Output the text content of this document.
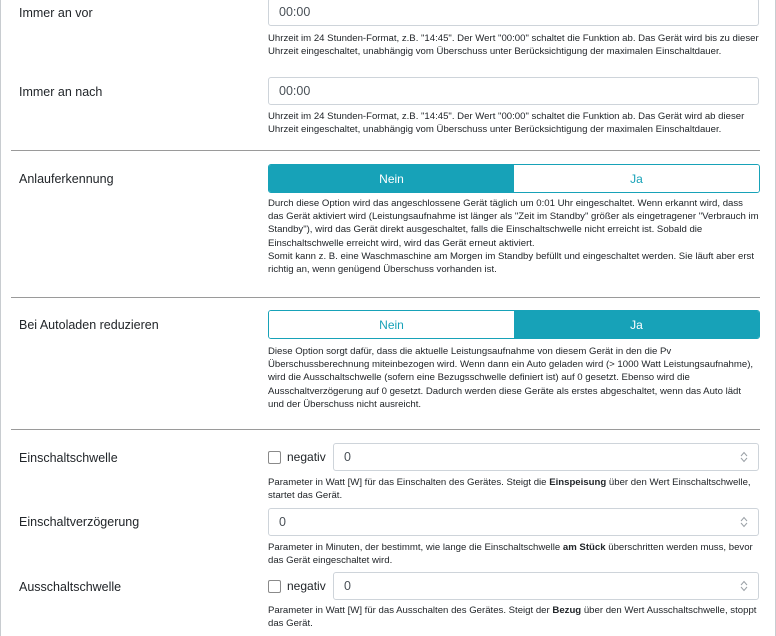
Immer an vor	00:00
Uhrzeit im 24 Stunden-Format, z.B. "14:45". Der Wert "00:00" schaltet die Funktion ab. Das Gerät wird bis zu dieser Uhrzeit eingeschaltet, unabhängig vom Überschuss unter Berücksichtigung der maximalen Einschaltdauer.
Immer an nach	00:00
Uhrzeit im 24 Stunden-Format, z.B. "14:45". Der Wert "00:00" schaltet die Funktion ab. Das Gerät wird ab dieser Uhrzeit eingeschaltet, unabhängig vom Überschuss unter Berücksichtigung der maximalen Einschaltdauer.
Anlauferkennung	Nein	Ja
Durch diese Option wird das angeschlossene Gerät täglich um 0:01 Uhr eingeschaltet. Wenn erkannt wird, dass das Gerät aktiviert wird (Leistungsaufnahme ist länger als "Zeit im Standby" größer als eingetragener "Verbrauch im Standby"), wird das Gerät direkt ausgeschaltet, falls die Einschaltschwelle nicht erreicht ist. Sobald die Einschaltschwelle erreicht wird, wird das Gerät erneut aktiviert.
Somit kann z. B. eine Waschmaschine am Morgen im Standby befüllt und eingeschaltet werden. Sie läuft aber erst richtig an, wenn genügend Überschuss vorhanden ist.
Bei Autoladen reduzieren	Nein	Ja
Diese Option sorgt dafür, dass die aktuelle Leistungsaufnahme von diesem Gerät in den die Pv Überschussberechnung miteinbezogen wird. Wenn dann ein Auto geladen wird (> 1000 Watt Leistungsaufnahme), wird die Ausschaltschwelle (sofern eine Bezugsschwelle definiert ist) auf 0 gesetzt. Ebenso wird die Ausschaltverzögerung auf 0 gesetzt. Dadurch werden diese Geräte als erstes abgeschaltet, wenn das Auto lädt und der Überschuss nicht ausreicht.
Einschaltschwelle	negativ	0
Parameter in Watt [W] für das Einschalten des Gerätes. Steigt die Einspeisung über den Wert Einschaltschwelle, startet das Gerät.
Einschaltverzögerung	0
Parameter in Minuten, der bestimmt, wie lange die Einschaltschwelle am Stück überschritten werden muss, bevor das Gerät eingeschaltet wird.
Ausschaltschwelle	negativ	0
Parameter in Watt [W] für das Ausschalten des Gerätes. Steigt der Bezug über den Wert Ausschaltschwelle, stoppt das Gerät.
